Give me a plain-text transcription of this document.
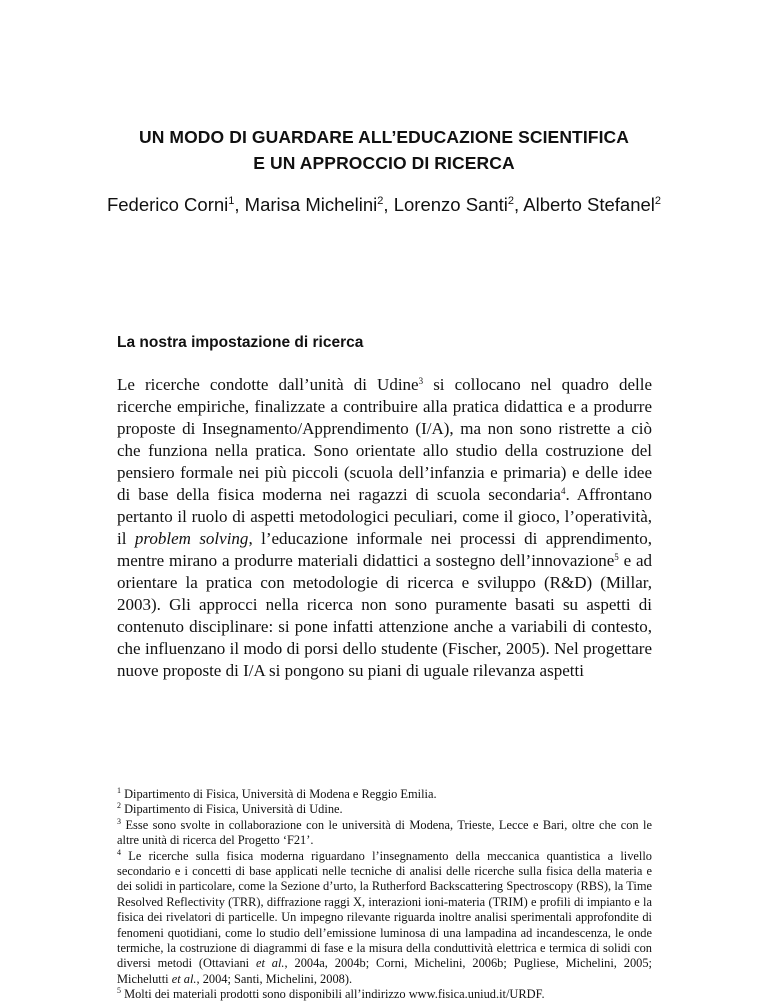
UN MODO DI GUARDARE ALL’EDUCAZIONE SCIENTIFICA
E UN APPROCCIO DI RICERCA
Federico Corni$^1$, Marisa Michelini$^2$, Lorenzo Santi$^2$, Alberto Stefanel$^2$
La nostra impostazione di ricerca

Le ricerche condotte dall’unità di Udine$^3$ si collocano nel quadro delle ricerche empiriche, finalizzate a contribuire alla pratica didattica e a produrre proposte di Insegnamento/Apprendimento (I/A), ma non sono ristrette a ciò che funziona nella pratica. Sono orientate allo studio della costruzione del pensiero formale nei più piccoli (scuola dell’infanzia e primaria) e delle idee di base della fisica moderna nei ragazzi di scuola secondaria$^4$. Affrontano pertanto il ruolo di aspetti metodologici peculiari, come il gioco, l’operatività, il problem solving, l’educazione informale nei processi di apprendimento, mentre mirano a produrre materiali didattici a sostegno dell’innovazione$^5$ e ad orientare la pratica con metodologie di ricerca e sviluppo (R&D) (Millar, 2003). Gli approcci nella ricerca non sono puramente basati su aspetti di contenuto disciplinare: si pone infatti attenzione anche a variabili di contesto, che influenzano il modo di porsi dello studente (Fischer, 2005). Nel progettare nuove proposte di I/A si pongono su piani di uguale rilevanza aspetti

$^1$ Dipartimento di Fisica, Università di Modena e Reggio Emilia.

$^2$ Dipartimento di Fisica, Università di Udine.

$^3$ Esse sono svolte in collaborazione con le università di Modena, Trieste, Lecce e Bari, oltre che con le altre unità di ricerca del Progetto ‘F21’.

$^4$ Le ricerche sulla fisica moderna riguardano l’insegnamento della meccanica quantistica a livello secondario e i concetti di base applicati nelle tecniche di analisi delle ricerche sulla fisica della materia e dei solidi in particolare, come la Sezione d’urto, la Rutherford Backscattering Spectroscopy (RBS), la Time Resolved Reflectivity (TRR), diffrazione raggi X, interazioni ioni-materia (TRIM) e profili di impianto e la fisica dei rivelatori di particelle. Un impegno rilevante riguarda inoltre analisi sperimentali approfondite di fenomeni quotidiani, come lo studio dell’emissione luminosa di una lampadina ad incandescenza, le onde termiche, la costruzione di diagrammi di fase e la misura della conduttività elettrica e termica di solidi con diversi metodi (Ottaviani et al., 2004a, 2004b; Corni, Michelini, 2006b; Pugliese, Michelini, 2005; Michelutti et al., 2004; Santi, Michelini, 2008).

$^5$ Molti dei materiali prodotti sono disponibili all’indirizzo www.fisica.uniud.it/URDF.
